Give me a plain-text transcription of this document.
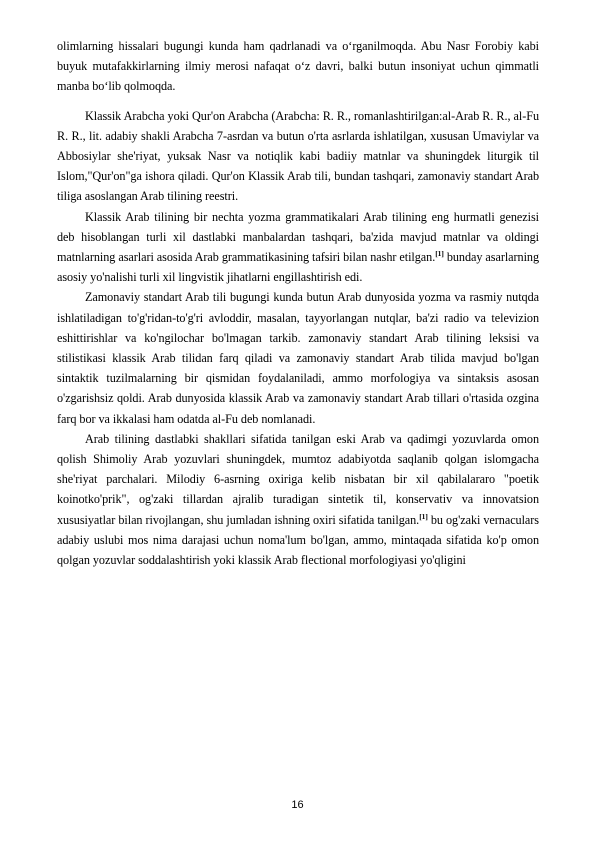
olimlarning hissalari bugungi kunda ham qadrlanadi va o‘rganilmoqda. Abu Nasr Forobiy kabi buyuk mutafakkirlarning ilmiy merosi nafaqat o‘z davri, balki butun insoniyat uchun qimmatli manba bo‘lib qolmoqda.

Klassik Arabcha yoki Qur'on Arabcha (Arabcha: R. R., romanlashtirilgan:al-Arab R. R., al-Fu R. R., lit. adabiy shakli Arabcha 7-asrdan va butun o'rta asrlarda ishlatilgan, xususan Umaviylar va Abbosiylar she'riyat, yuksak Nasr va notiqlik kabi badiiy matnlar va shuningdek liturgik til Islom,"Qur'on"ga ishora qiladi. Qur'on Klassik Arab tili, bundan tashqari, zamonaviy standart Arab tiliga asoslangan Arab tilining reestri.

Klassik Arab tilining bir nechta yozma grammatikalari Arab tilining eng hurmatli genezisi deb hisoblangan turli xil dastlabki manbalardan tashqari, ba'zida mavjud matnlar va oldingi matnlarning asarlari asosida Arab grammatikasining tafsiri bilan nashr etilgan.[1] bunday asarlarning asosiy yo'nalishi turli xil lingvistik jihatlarni engillashtirish edi.

Zamonaviy standart Arab tili bugungi kunda butun Arab dunyosida yozma va rasmiy nutqda ishlatiladigan to'g'ridan-to'g'ri avloddir, masalan, tayyorlangan nutqlar, ba'zi radio va televizion eshittirishlar va ko'ngilochar bo'lmagan tarkib. zamonaviy standart Arab tilining leksisi va stilistikasi klassik Arab tilidan farq qiladi va zamonaviy standart Arab tilida mavjud bo'lgan sintaktik tuzilmalarning bir qismidan foydalaniladi, ammo morfologiya va sintaksis asosan o'zgarishsiz qoldi. Arab dunyosida klassik Arab va zamonaviy standart Arab tillari o'rtasida ozgina farq bor va ikkalasi ham odatda al-Fu deb nomlanadi.

Arab tilining dastlabki shakllari sifatida tanilgan eski Arab va qadimgi yozuvlarda omon qolish Shimoliy Arab yozuvlari shuningdek, mumtoz adabiyotda saqlanib qolgan islomgacha she'riyat parchalari. Milodiy 6-asrning oxiriga kelib nisbatan bir xil qabilalararo "poetik koinotko'prik", og'zaki tillardan ajralib turadigan sintetik til, konservativ va innovatsion xususiyatlar bilan rivojlangan, shu jumladan ishning oxiri sifatida tanilgan.[1] bu og'zaki vernaculars adabiy uslubi mos nima darajasi uchun noma'lum bo'lgan, ammo, mintaqada sifatida ko'p omon qolgan yozuvlar soddalashtirish yoki klassik Arab flectional morfologiyasi yo'qligini

16
